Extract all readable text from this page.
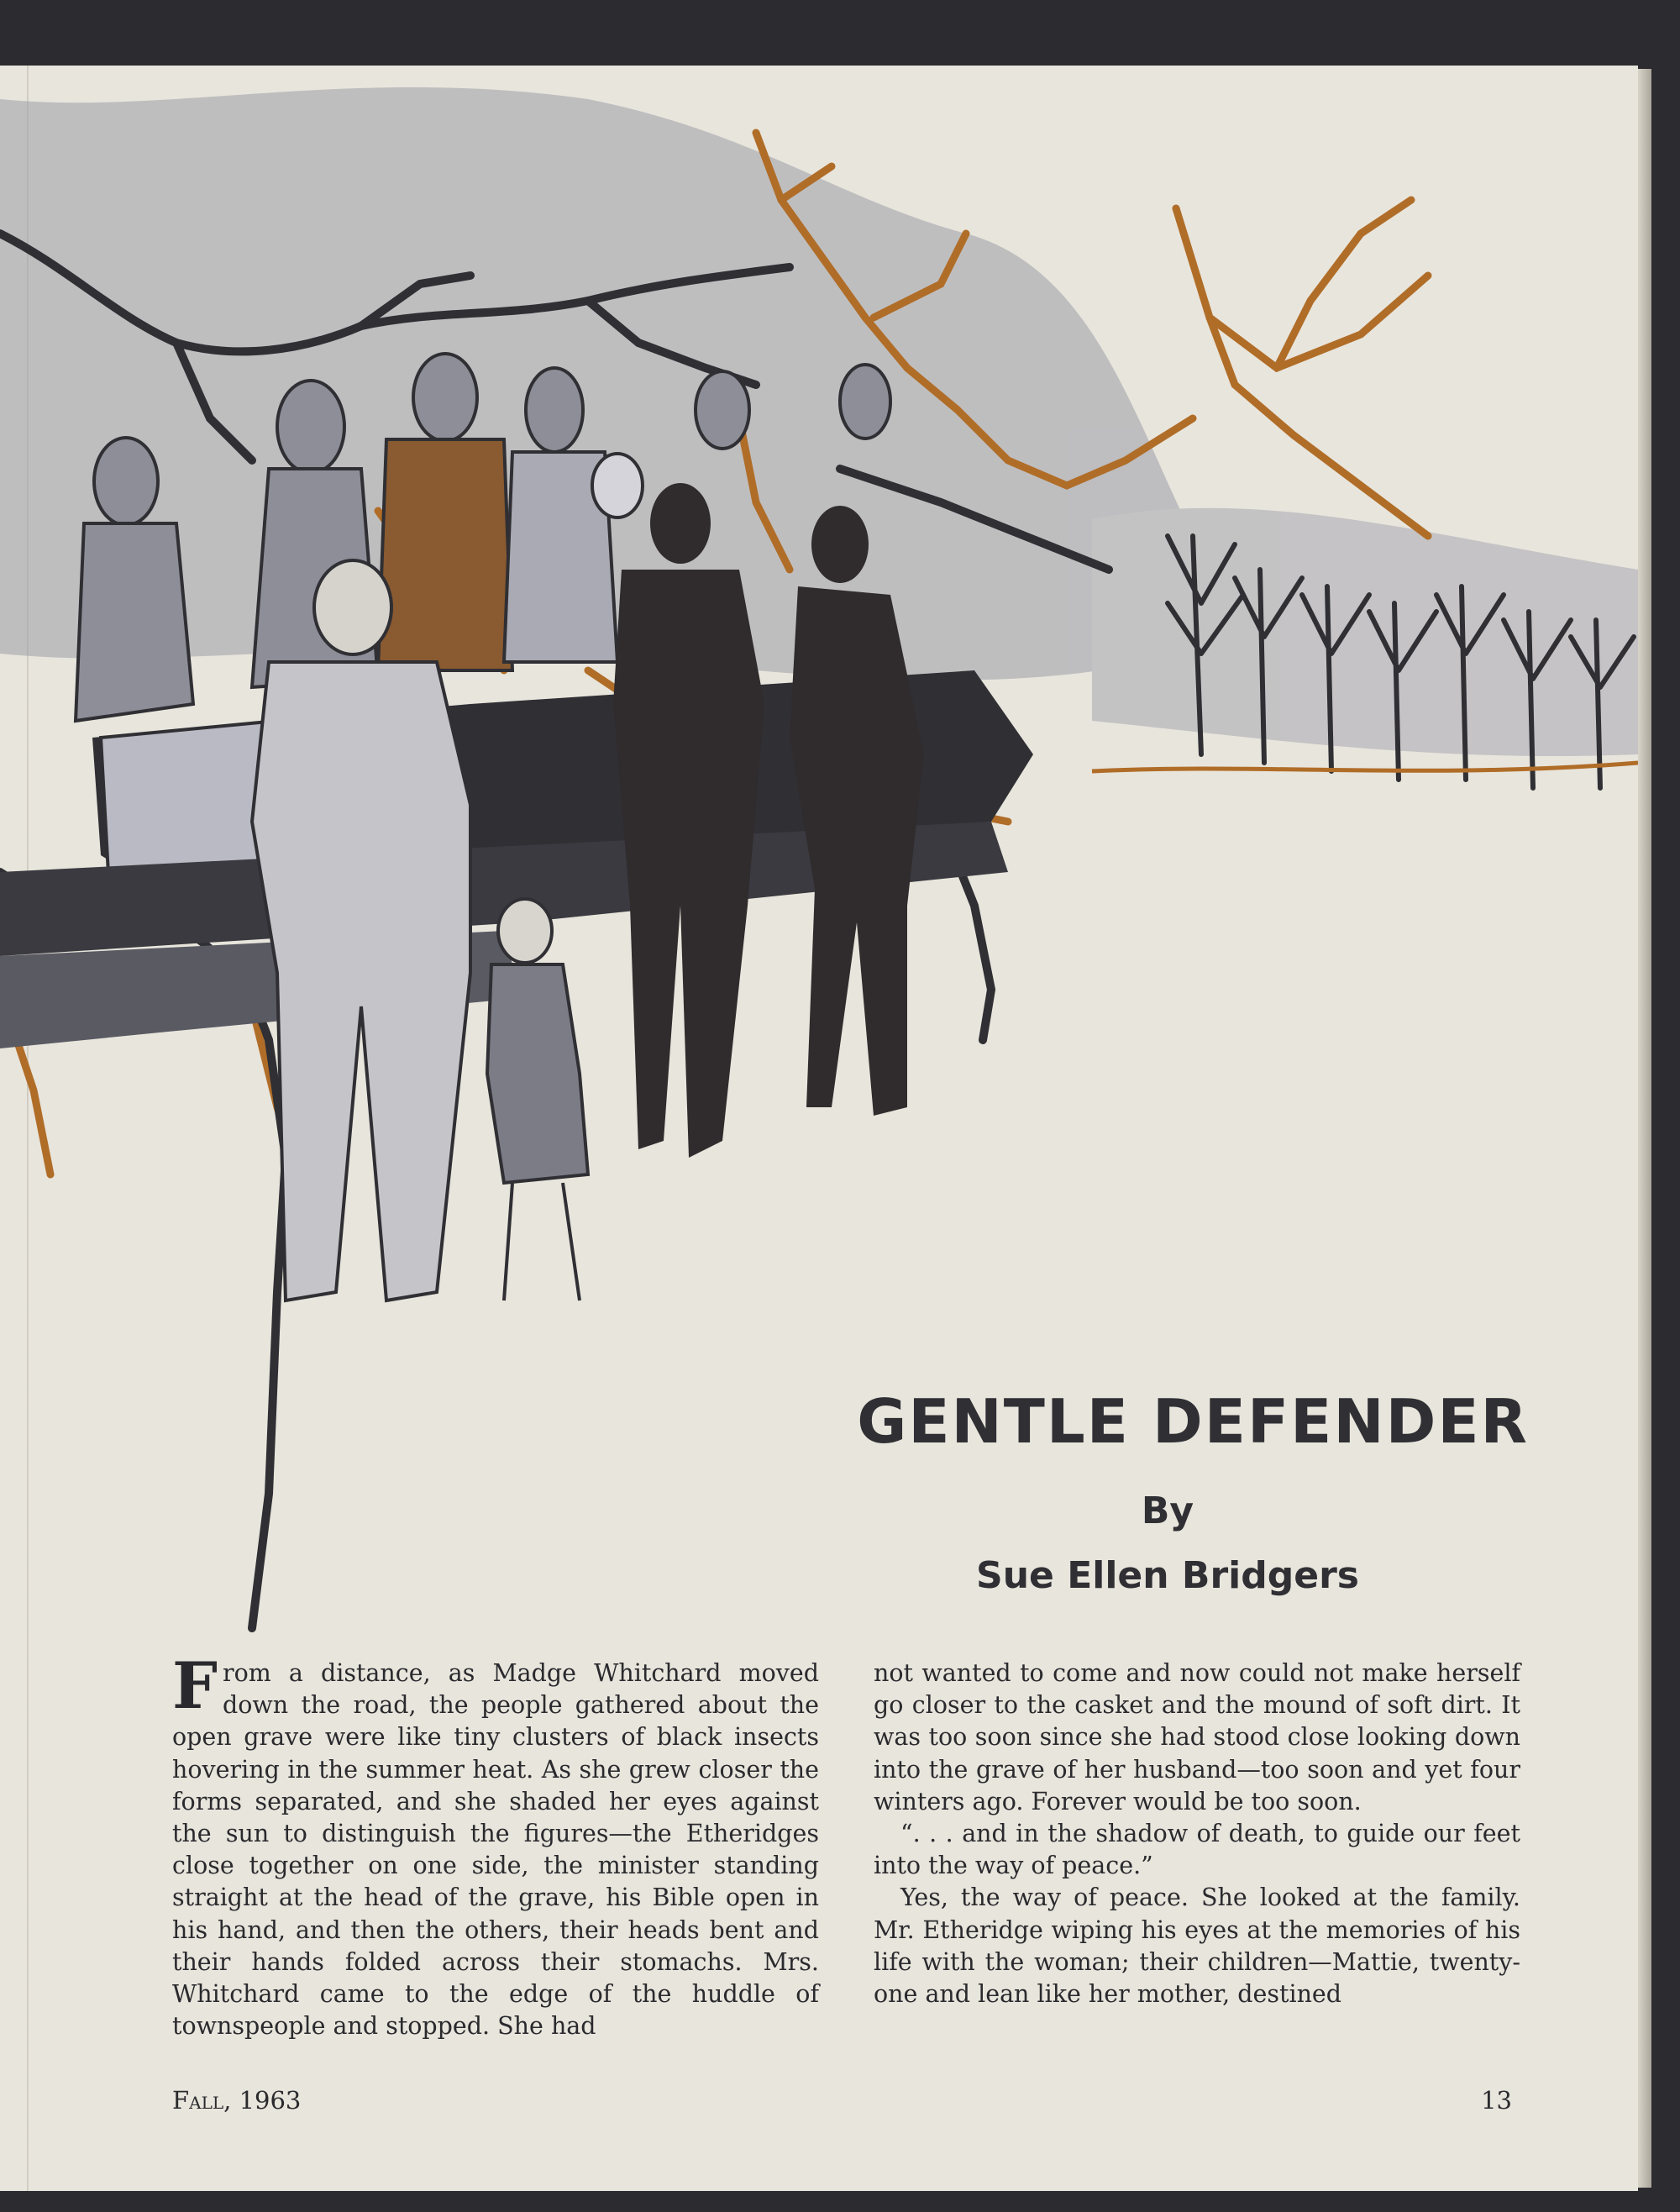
GENTLE DEFENDER

By

Sue Ellen Bridgers

From a distance, as Madge Whitchard moved down the road, the people gathered about the open grave were like tiny clusters of black insects hovering in the summer heat. As she grew closer the forms separated, and she shaded her eyes against the sun to distinguish the figures—the Etheridges close together on one side, the minister standing straight at the head of the grave, his Bible open in his hand, and then the others, their heads bent and their hands folded across their stomachs. Mrs. Whitchard came to the edge of the huddle of townspeople and stopped. She had

not wanted to come and now could not make herself go closer to the casket and the mound of soft dirt. It was too soon since she had stood close looking down into the grave of her husband—too soon and yet four winters ago. Forever would be too soon.

“. . . and in the shadow of death, to guide our feet into the way of peace.”

Yes, the way of peace. She looked at the family. Mr. Etheridge wiping his eyes at the memories of his life with the woman; their children—Mattie, twenty-one and lean like her mother, destined

Fall, 1963	13
